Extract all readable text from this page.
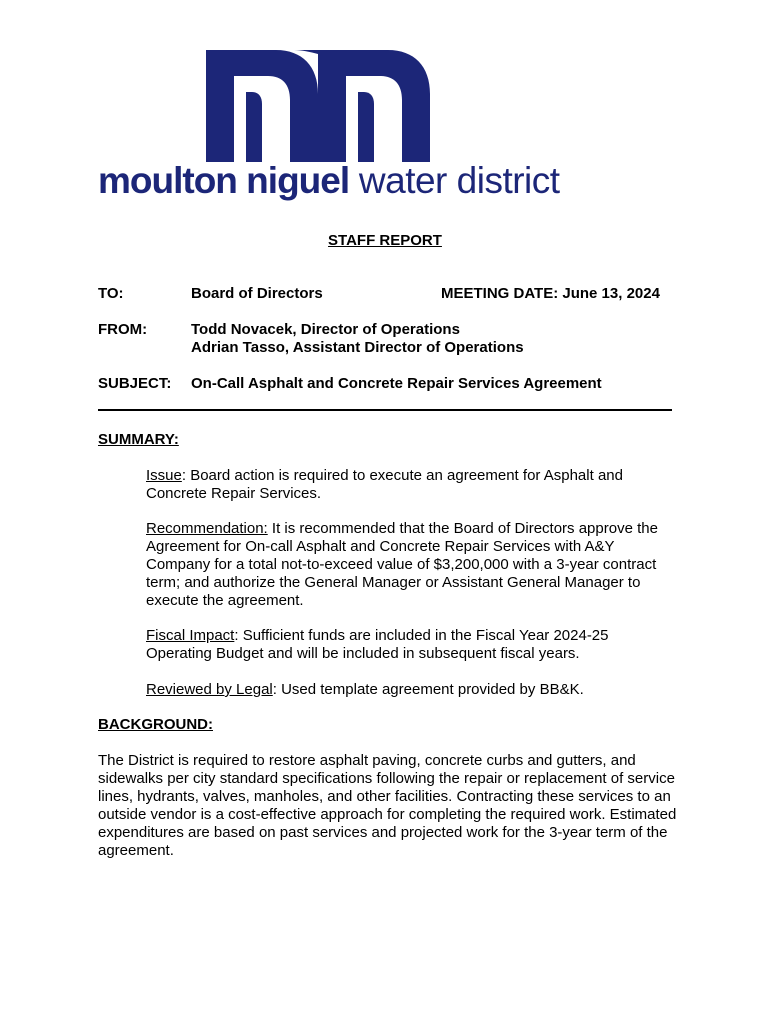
moulton niguel water district
STAFF REPORT
TO:	Board of Directors	MEETING DATE: June 13, 2024
FROM:	Todd Novacek, Director of Operations
Adrian Tasso, Assistant Director of Operations
SUBJECT: On-Call Asphalt and Concrete Repair Services Agreement
SUMMARY:
Issue: Board action is required to execute an agreement for Asphalt and Concrete Repair Services.
Recommendation: It is recommended that the Board of Directors approve the Agreement for On-call Asphalt and Concrete Repair Services with A&Y Company for a total not-to-exceed value of $3,200,000 with a 3-year contract term; and authorize the General Manager or Assistant General Manager to execute the agreement.
Fiscal Impact: Sufficient funds are included in the Fiscal Year 2024-25 Operating Budget and will be included in subsequent fiscal years.
Reviewed by Legal: Used template agreement provided by BB&K.
BACKGROUND:
The District is required to restore asphalt paving, concrete curbs and gutters, and sidewalks per city standard specifications following the repair or replacement of service lines, hydrants, valves, manholes, and other facilities. Contracting these services to an outside vendor is a cost-effective approach for completing the required work. Estimated expenditures are based on past services and projected work for the 3-year term of the agreement.
